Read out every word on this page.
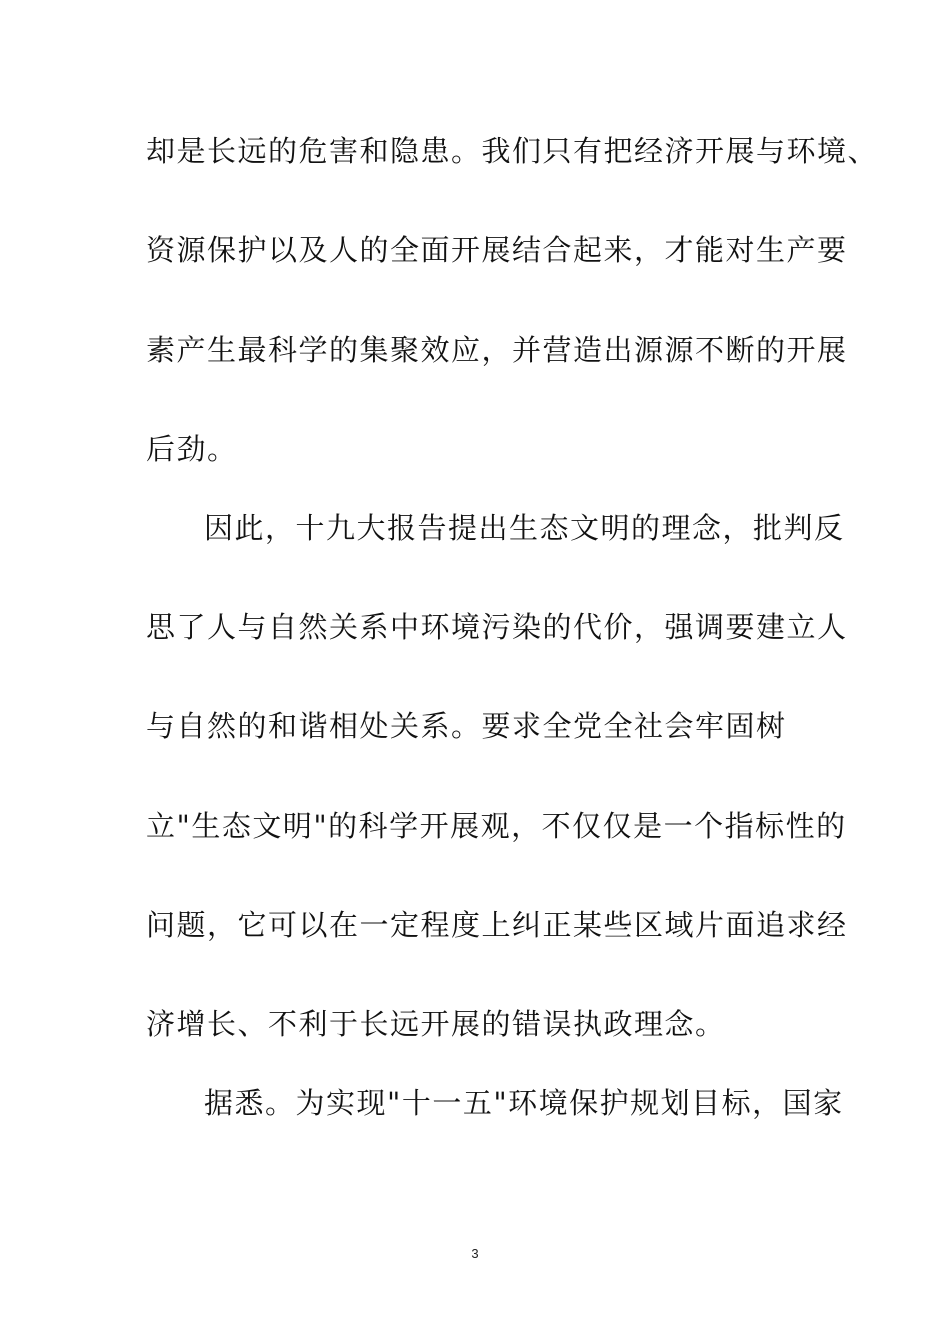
却是长远的危害和隐患。我们只有把经济开展与环境、
资源保护以及人的全面开展结合起来，才能对生产要
素产生最科学的集聚效应，并营造出源源不断的开展
后劲。
因此，十九大报告提出生态文明的理念，批判反
思了人与自然关系中环境污染的代价，强调要建立人
与自然的和谐相处关系。要求全党全社会牢固树
立"生态文明"的科学开展观，不仅仅是一个指标性的
问题，它可以在一定程度上纠正某些区域片面追求经
济增长、不利于长远开展的错误执政理念。
据悉。为实现"十一五"环境保护规划目标，国家
3
